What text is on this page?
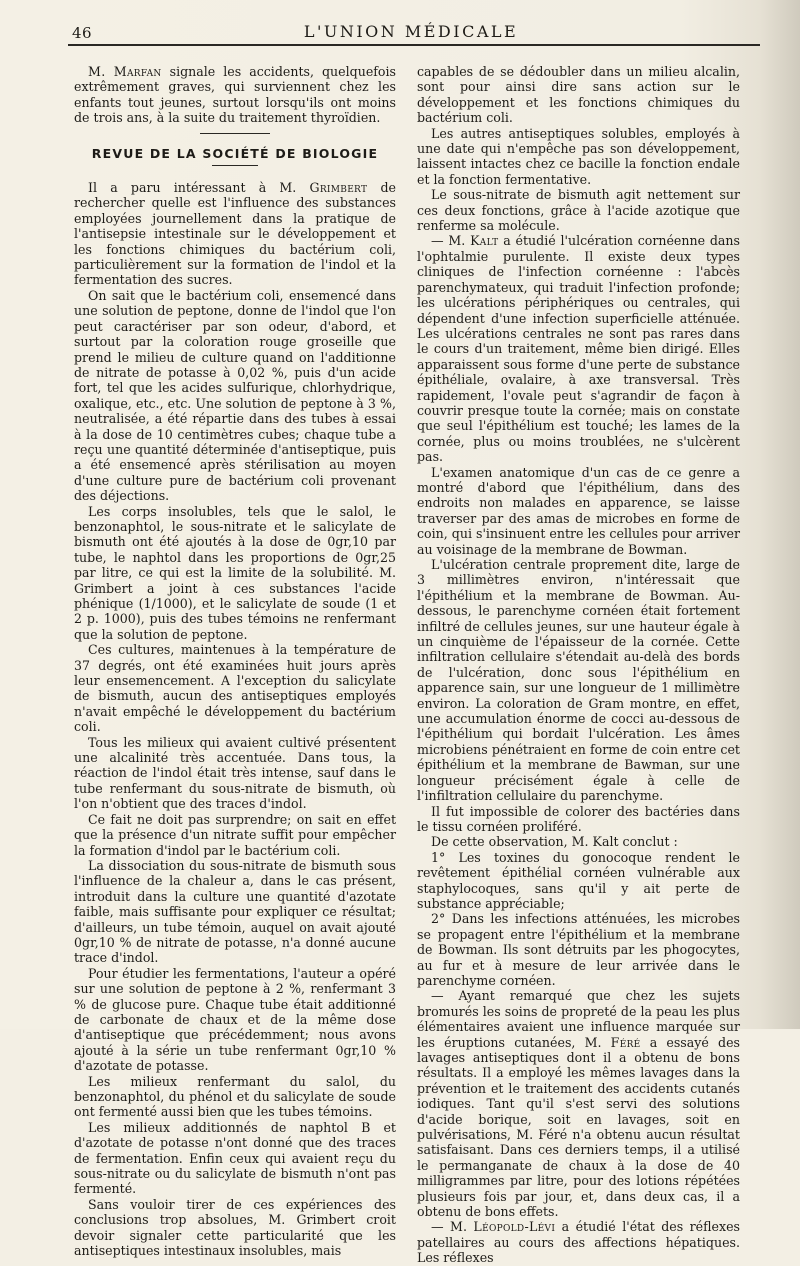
46	L'UNION MÉDICALE

M. Marfan signale les accidents, quelquefois extrêmement graves, qui surviennent chez les enfants tout jeunes, surtout lorsqu'ils ont moins de trois ans, à la suite du traitement thyroïdien.

REVUE DE LA SOCIÉTÉ DE BIOLOGIE

Il a paru intéressant à M. Grimbert de rechercher quelle est l'influence des substances employées journellement dans la pratique de l'antisepsie intestinale sur le développement et les fonctions chimiques du bactérium coli, particulièrement sur la formation de l'indol et la fermentation des sucres.

On sait que le bactérium coli, ensemencé dans une solution de peptone, donne de l'indol que l'on peut caractériser par son odeur, d'abord, et surtout par la coloration rouge groseille que prend le milieu de culture quand on l'additionne de nitrate de potasse à 0,02 %, puis d'un acide fort, tel que les acides sulfurique, chlorhydrique, oxalique, etc., etc. Une solution de peptone à 3 %, neutralisée, a été répartie dans des tubes à essai à la dose de 10 centimètres cubes; chaque tube a reçu une quantité déterminée d'antiseptique, puis a été ensemencé après stérilisation au moyen d'une culture pure de bactérium coli provenant des déjections.

Les corps insolubles, tels que le salol, le benzonaphtol, le sous-nitrate et le salicylate de bismuth ont été ajoutés à la dose de 0gr,10 par tube, le naphtol dans les proportions de 0gr,25 par litre, ce qui est la limite de la solubilité. M. Grimbert a joint à ces substances l'acide phénique (1/1000), et le salicylate de soude (1 et 2 p. 1000), puis des tubes témoins ne renfermant que la solution de peptone.

Ces cultures, maintenues à la température de 37 degrés, ont été examinées huit jours après leur ensemencement. A l'exception du salicylate de bismuth, aucun des antiseptiques employés n'avait empêché le développement du bactérium coli.

Tous les milieux qui avaient cultivé présentent une alcalinité très accentuée. Dans tous, la réaction de l'indol était très intense, sauf dans le tube renfermant du sous-nitrate de bismuth, où l'on n'obtient que des traces d'indol.

Ce fait ne doit pas surprendre; on sait en effet que la présence d'un nitrate suffit pour empêcher la formation d'indol par le bactérium coli.

La dissociation du sous-nitrate de bismuth sous l'influence de la chaleur a, dans le cas présent, introduit dans la culture une quantité d'azotate faible, mais suffisante pour expliquer ce résultat; d'ailleurs, un tube témoin, auquel on avait ajouté 0gr,10 % de nitrate de potasse, n'a donné aucune trace d'indol.

Pour étudier les fermentations, l'auteur a opéré sur une solution de peptone à 2 %, renfermant 3 % de glucose pure. Chaque tube était additionné de carbonate de chaux et de la même dose d'antiseptique que précédemment; nous avons ajouté à la série un tube renfermant 0gr,10 % d'azotate de potasse.

Les milieux renfermant du salol, du benzonaphtol, du phénol et du salicylate de soude ont fermenté aussi bien que les tubes témoins.

Les milieux additionnés de naphtol B et d'azotate de potasse n'ont donné que des traces de fermentation. Enfin ceux qui avaient reçu du sous-nitrate ou du salicylate de bismuth n'ont pas fermenté.

Sans vouloir tirer de ces expériences des conclusions trop absolues, M. Grimbert croit devoir signaler cette particularité que les antiseptiques intestinaux insolubles, mais

capables de se dédoubler dans un milieu alcalin, sont pour ainsi dire sans action sur le développement et les fonctions chimiques du bactérium coli.

Les autres antiseptiques solubles, employés à une date qui n'empêche pas son développement, laissent intactes chez ce bacille la fonction endale et la fonction fermentative.

Le sous-nitrate de bismuth agit nettement sur ces deux fonctions, grâce à l'acide azotique que renferme sa molécule.

— M. Kalt a étudié l'ulcération cornéenne dans l'ophtalmie purulente. Il existe deux types cliniques de l'infection cornéenne : l'abcès parenchymateux, qui traduit l'infection profonde; les ulcérations périphériques ou centrales, qui dépendent d'une infection superficielle atténuée. Les ulcérations centrales ne sont pas rares dans le cours d'un traitement, même bien dirigé. Elles apparaissent sous forme d'une perte de substance épithéliale, ovalaire, à axe transversal. Très rapidement, l'ovale peut s'agrandir de façon à couvrir presque toute la cornée; mais on constate que seul l'épithélium est touché; les lames de la cornée, plus ou moins troublées, ne s'ulcèrent pas.

L'examen anatomique d'un cas de ce genre a montré d'abord que l'épithélium, dans des endroits non malades en apparence, se laisse traverser par des amas de microbes en forme de coin, qui s'insinuent entre les cellules pour arriver au voisinage de la membrane de Bowman.

L'ulcération centrale proprement dite, large de 3 millimètres environ, n'intéressait que l'épithélium et la membrane de Bowman. Au-dessous, le parenchyme cornéen était fortement infiltré de cellules jeunes, sur une hauteur égale à un cinquième de l'épaisseur de la cornée. Cette infiltration cellulaire s'étendait au-delà des bords de l'ulcération, donc sous l'épithélium en apparence sain, sur une longueur de 1 millimètre environ. La coloration de Gram montre, en effet, une accumulation énorme de cocci au-dessous de l'épithélium qui bordait l'ulcération. Les âmes microbiens pénétraient en forme de coin entre cet épithélium et la membrane de Bawman, sur une longueur précisément égale à celle de l'infiltration cellulaire du parenchyme.

Il fut impossible de colorer des bactéries dans le tissu cornéen proliféré.

De cette observation, M. Kalt conclut :

1° Les toxines du gonocoque rendent le revêtement épithélial cornéen vulnérable aux staphylocoques, sans qu'il y ait perte de substance appréciable;

2° Dans les infections atténuées, les microbes se propagent entre l'épithélium et la membrane de Bowman. Ils sont détruits par les phogocytes, au fur et à mesure de leur arrivée dans le parenchyme cornéen.

— Ayant remarqué que chez les sujets bromurés les soins de propreté de la peau les plus élémentaires avaient une influence marquée sur les éruptions cutanées, M. Féré a essayé des lavages antiseptiques dont il a obtenu de bons résultats. Il a employé les mêmes lavages dans la prévention et le traitement des accidents cutanés iodiques. Tant qu'il s'est servi des solutions d'acide borique, soit en lavages, soit en pulvérisations, M. Féré n'a obtenu aucun résultat satisfaisant. Dans ces derniers temps, il a utilisé le permanganate de chaux à la dose de 40 milligrammes par litre, pour des lotions répétées plusieurs fois par jour, et, dans deux cas, il a obtenu de bons effets.

— M. Léopold-Lévi a étudié l'état des réflexes patellaires au cours des affections hépatiques. Les réflexes
